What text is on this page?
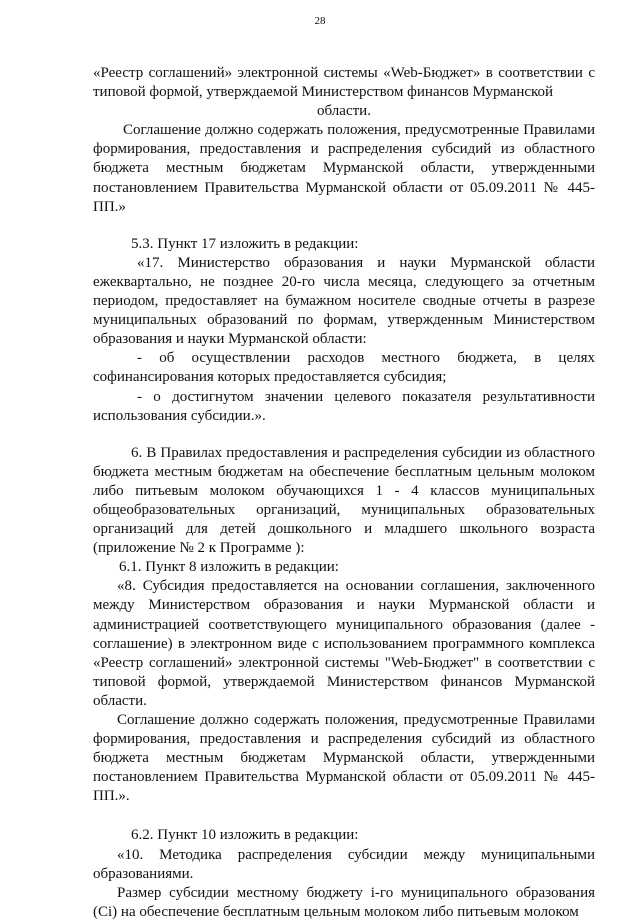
28

«Реестр соглашений» электронной системы «Web-Бюджет» в соответствии с типовой формой, утверждаемой Министерством финансов Мурманской

области.

Соглашение должно содержать положения, предусмотренные Правилами формирования, предоставления и распределения субсидий из областного бюджета местным бюджетам Мурманской области, утвержденными постановлением Правительства Мурманской области от 05.09.2011 № 445-ПП.»

5.3. Пункт 17 изложить в редакции:

«17. Министерство образования и науки Мурманской области ежеквартально, не позднее 20-го числа месяца, следующего за отчетным периодом, предоставляет на бумажном носителе сводные отчеты в разрезе муниципальных образований по формам, утвержденным Министерством образования и науки Мурманской области:

- об осуществлении расходов местного бюджета, в целях софинансирования которых предоставляется субсидия;

- о достигнутом значении целевого показателя результативности использования субсидии.».

6. В Правилах предоставления и распределения субсидии из областного бюджета местным бюджетам на обеспечение бесплатным цельным молоком либо питьевым молоком обучающихся 1 - 4 классов муниципальных общеобразовательных организаций, муниципальных образовательных организаций для детей дошкольного и младшего школьного возраста (приложение № 2 к Программе ):

6.1. Пункт 8 изложить в редакции:

«8. Субсидия предоставляется на основании соглашения, заключенного между Министерством образования и науки Мурманской области и администрацией соответствующего муниципального образования (далее - соглашение) в электронном виде с использованием программного комплекса «Реестр соглашений» электронной системы "Web-Бюджет" в соответствии с типовой формой, утверждаемой Министерством финансов Мурманской области.

Соглашение должно содержать положения, предусмотренные Правилами формирования, предоставления и распределения субсидий из областного бюджета местным бюджетам Мурманской области, утвержденными постановлением Правительства Мурманской области от 05.09.2011 № 445-ПП.».

6.2. Пункт 10 изложить в редакции:

«10. Методика распределения субсидии между муниципальными образованиями.

Размер субсидии местному бюджету i-го муниципального образования (Ci) на обеспечение бесплатным цельным молоком либо питьевым молоком
